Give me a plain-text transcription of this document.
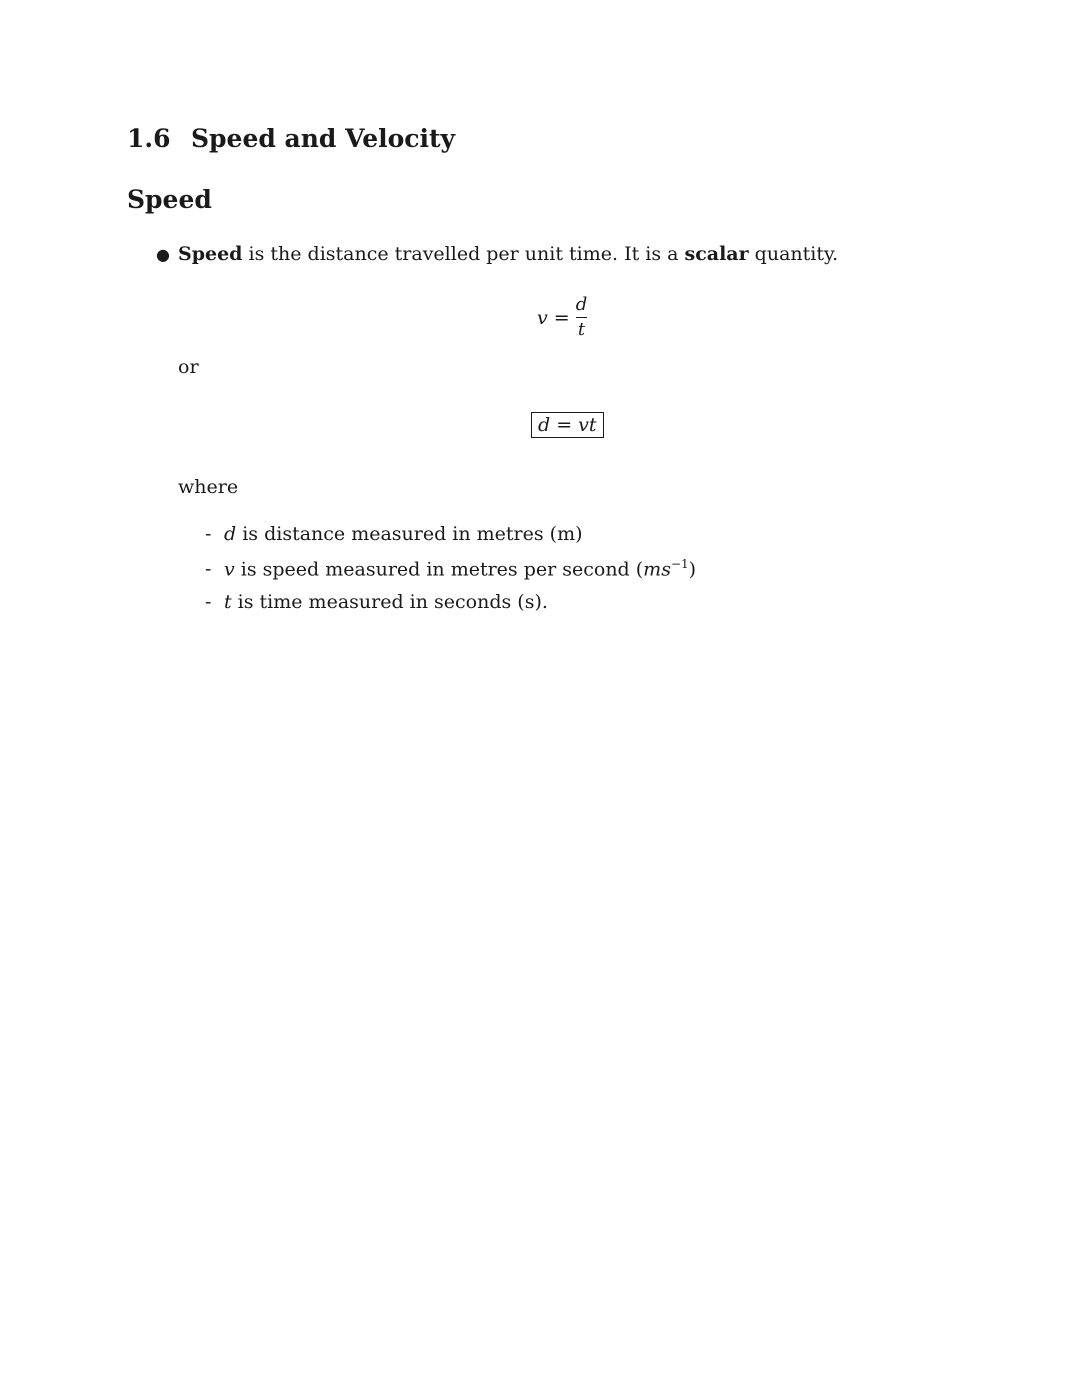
1.6 Speed and Velocity
Speed
● Speed is the distance travelled per unit time. It is a scalar quantity.
v
= $\frac{d}{t}$
or
d = vt
where
- d is distance measured in metres (m)
- v is speed measured in metres per second $(ms^{-1})$
- t is time measured in seconds (s).
